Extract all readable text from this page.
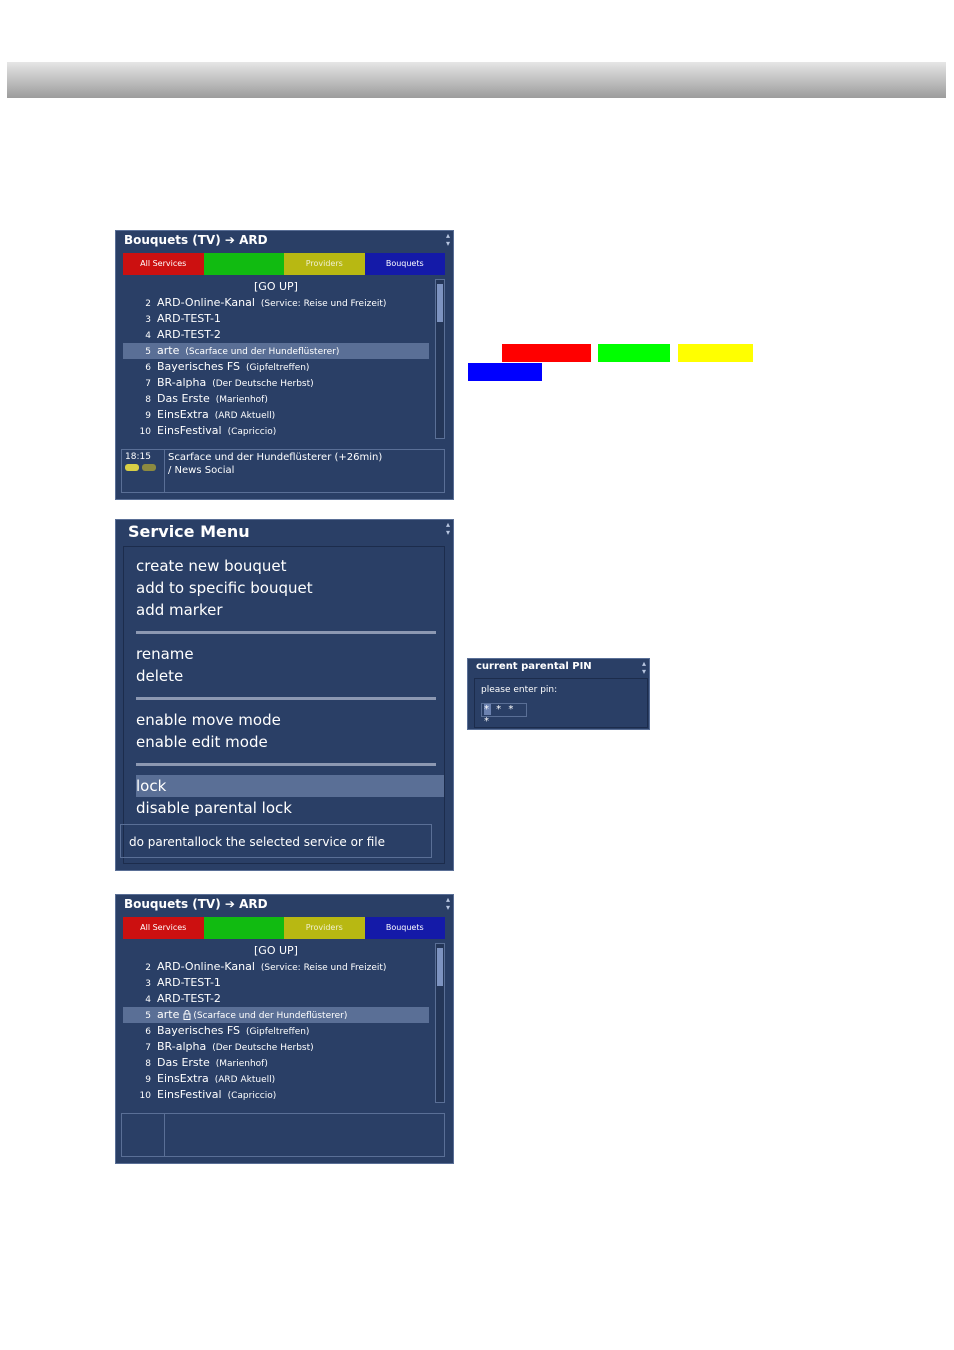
Bouquets (TV) ➔ ARD	▴
▾
All Services	Providers	Bouquets
[GO UP]
2 ARD-Online-Kanal (Service: Reise und Freizeit)
3 ARD-TEST-1
4 ARD-TEST-2
5 arte (Scarface und der Hundeflüsterer)
6 Bayerisches FS (Gipfeltreffen)
7 BR-alpha (Der Deutsche Herbst)
8 Das Erste (Marienhof)
9 EinsExtra (ARD Aktuell)
10 EinsFestival (Capriccio)
18:15 Scarface und der Hundeflüsterer (+26min)
/ News Social
Service Menu	▴
▾
create new bouquet
add to specific bouquet
add marker
rename
delete
enable move mode
enable edit mode
lock
disable parental lock
do parentallock the selected service or file
current parental PIN	▴
▾
please enter pin:
* * * *
Bouquets (TV) ➔ ARD	▴
▾
All Services	Providers	Bouquets
[GO UP]
2 ARD-Online-Kanal (Service: Reise und Freizeit)
3 ARD-TEST-1
4 ARD-TEST-2
5 arte (Scarface und der Hundeflüsterer)
6 Bayerisches FS (Gipfeltreffen)
7 BR-alpha (Der Deutsche Herbst)
8 Das Erste (Marienhof)
9 EinsExtra (ARD Aktuell)
10 EinsFestival (Capriccio)
